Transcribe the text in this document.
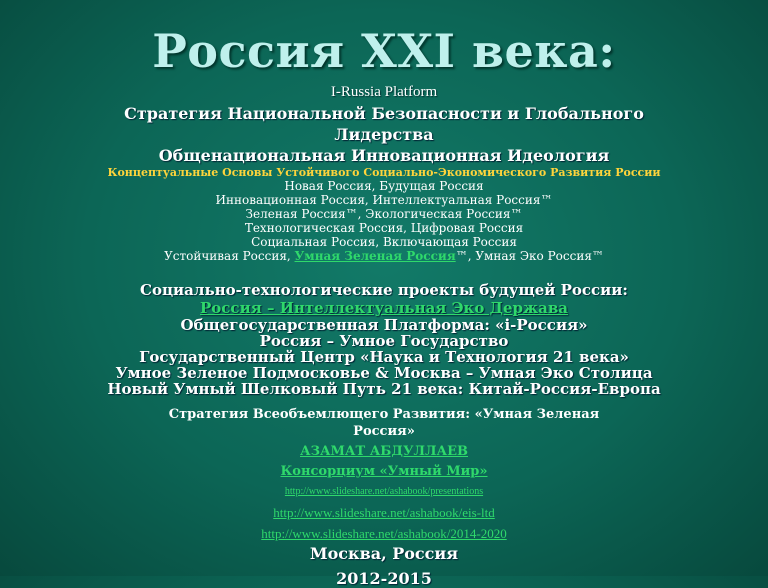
Россия XXI века:
I-Russia Platform
Стратегия Национальной Безопасности и Глобального
Лидерства
Общенациональная Инновационная Идеология
Концептуальные Основы Устойчивого Социально-Экономического Развития России
Новая Россия, Будущая Россия
Инновационная Россия, Интеллектуальная Россия™
Зеленая Россия™, Экологическая Россия™
Технологическая Россия, Цифровая Россия
Социальная Россия, Включающая Россия
Устойчивая Россия, Умная Зеленая Россия™, Умная Эко Россия™
Социально-технологические проекты будущей России:
Россия – Интеллектуальная Эко Держава
Общегосударственная Платформа: «i-Россия»
Россия – Умное Государство
Государственный Центр «Наука и Технология 21 века»
Умное Зеленое Подмосковье & Москва – Умная Эко Столица
Новый Умный Шелковый Путь 21 века: Китай-Россия-Европа
Стратегия Всеобъемлющего Развития: «Умная Зеленая
Россия»
АЗАМАТ АБДУЛЛАЕВ
Консорциум «Умный Мир»
http://www.slideshare.net/ashabook/presentations
http://www.slideshare.net/ashabook/eis-ltd
http://www.slideshare.net/ashabook/2014-2020
Москва, Россия
2012-2015
